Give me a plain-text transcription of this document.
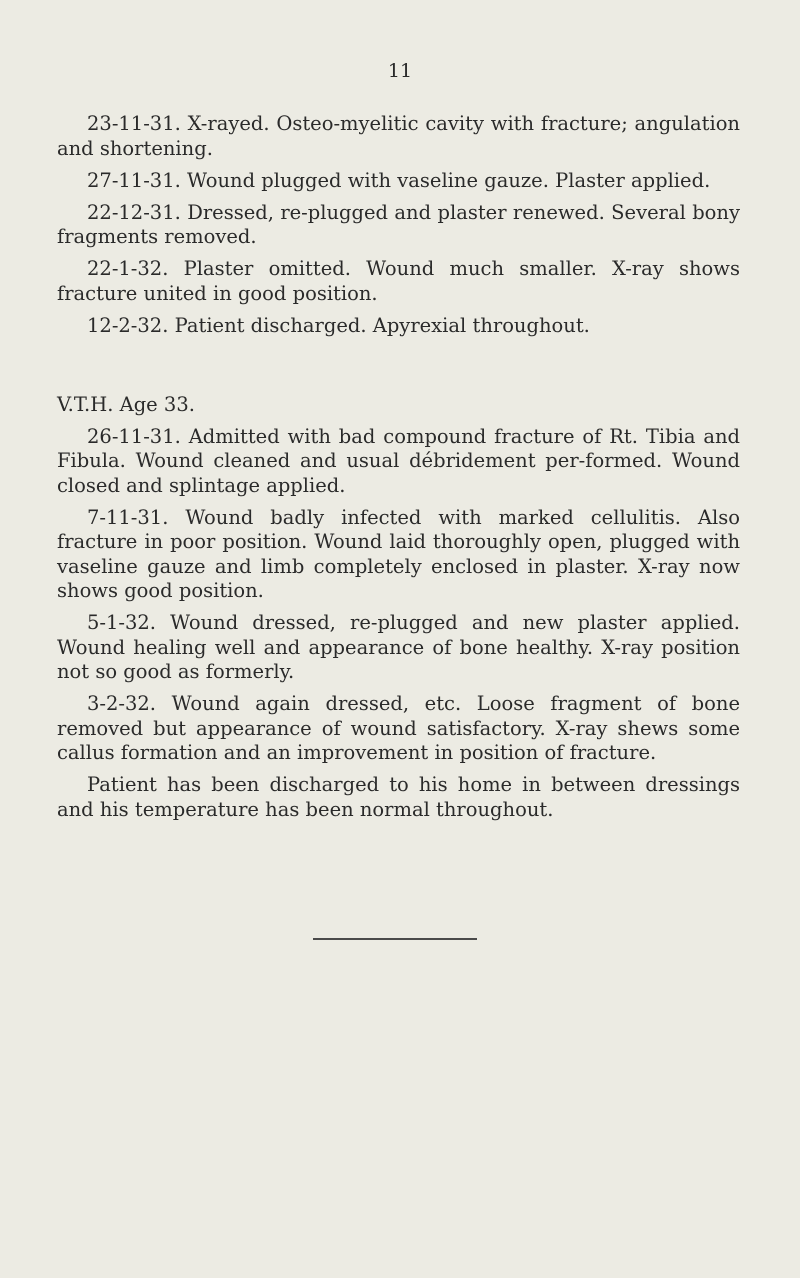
11

23-11-31. X-rayed. Osteo-myelitic cavity with fracture; angulation and shortening.

27-11-31. Wound plugged with vaseline gauze. Plaster applied.

22-12-31. Dressed, re-plugged and plaster renewed. Several bony fragments removed.

22-1-32. Plaster omitted. Wound much smaller. X-ray shows fracture united in good position.

12-2-32. Patient discharged. Apyrexial throughout.

V.T.H. Age 33.

26-11-31. Admitted with bad compound fracture of Rt. Tibia and Fibula. Wound cleaned and usual débridement per-formed. Wound closed and splintage applied.

7-11-31. Wound badly infected with marked cellulitis. Also fracture in poor position. Wound laid thoroughly open, plugged with vaseline gauze and limb completely enclosed in plaster. X-ray now shows good position.

5-1-32. Wound dressed, re-plugged and new plaster applied. Wound healing well and appearance of bone healthy. X-ray position not so good as formerly.

3-2-32. Wound again dressed, etc. Loose fragment of bone removed but appearance of wound satisfactory. X-ray shews some callus formation and an improvement in position of fracture.

Patient has been discharged to his home in between dressings and his temperature has been normal throughout.
